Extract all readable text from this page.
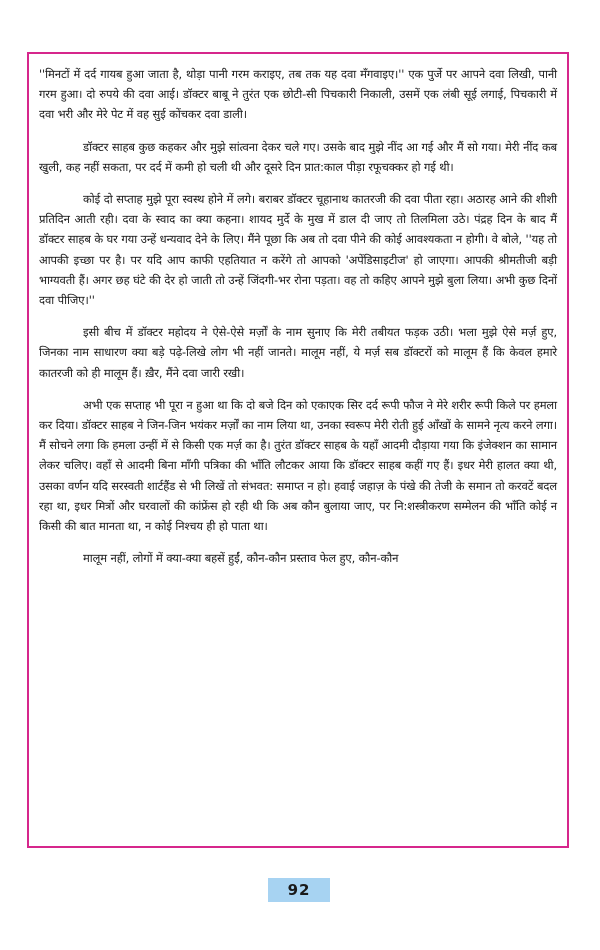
''मिनटों में दर्द गायब हुआ जाता है, थोड़ा पानी गरम कराइए, तब तक यह दवा मँगवाइए।'' एक पुर्जे पर आपने दवा लिखी, पानी गरम हुआ। दो रुपये की दवा आई। डॉक्टर बाबू ने तुरंत एक छोटी-सी पिचकारी निकाली, उसमें एक लंबी सूई लगाई, पिचकारी में दवा भरी और मेरे पेट में वह सुई कोंचकर दवा डाली।

डॉक्टर साहब कुछ कहकर और मुझे सांत्वना देकर चले गए। उसके बाद मुझे नींद आ गई और मैं सो गया। मेरी नींद कब खुली, कह नहीं सकता, पर दर्द में कमी हो चली थी और दूसरे दिन प्रात:काल पीड़ा रफूचक्कर हो गई थी।

कोई दो सप्ताह मुझे पूरा स्वस्थ होने में लगे। बराबर डॉक्टर चूहानाथ कातरजी की दवा पीता रहा। अठारह आने की शीशी प्रतिदिन आती रही। दवा के स्वाद का क्या कहना। शायद मुर्दे के मुख में डाल दी जाए तो तिलमिला उठे। पंद्रह दिन के बाद मैं डॉक्टर साहब के घर गया उन्हें धन्यवाद देने के लिए। मैंने पूछा कि अब तो दवा पीने की कोई आवश्यकता न होगी। वे बोले, ''यह तो आपकी इच्छा पर है। पर यदि आप काफी एहतियात न करेंगे तो आपको 'अपेंडिसाइटीज' हो जाएगा। आपकी श्रीमतीजी बड़ी भाग्यवती हैं। अगर छह घंटे की देर हो जाती तो उन्हें जिंदगी-भर रोना पड़ता। वह तो कहिए आपने मुझे बुला लिया। अभी कुछ दिनों दवा पीजिए।''

इसी बीच में डॉक्टर महोदय ने ऐसे-ऐसे मर्ज़ों के नाम सुनाए कि मेरी तबीयत फड़क उठी। भला मुझे ऐसे मर्ज़ हुए, जिनका नाम साधारण क्या बड़े पढ़े-लिखे लोग भी नहीं जानते। मालूम नहीं, ये मर्ज़ सब डॉक्टरों को मालूम हैं कि केवल हमारे कातरजी को ही मालूम हैं। ख़ैर, मैंने दवा जारी रखी।

अभी एक सप्ताह भी पूरा न हुआ था कि दो बजे दिन को एकाएक सिर दर्द रूपी फौज ने मेरे शरीर रूपी किले पर हमला कर दिया। डॉक्टर साहब ने जिन-जिन भयंकर मर्ज़ों का नाम लिया था, उनका स्वरूप मेरी रोती हुई आँखों के सामने नृत्य करने लगा। मैं सोचने लगा कि हमला उन्हीं में से किसी एक मर्ज़ का है। तुरंत डॉक्टर साहब के यहाँ आदमी दौड़ाया गया कि इंजेक्शन का सामान लेकर चलिए। वहाँ से आदमी बिना माँगी पत्रिका की भाँति लौटकर आया कि डॉक्टर साहब कहीं गए हैं। इधर मेरी हालत क्या थी, उसका वर्णन यदि सरस्वती शार्टहैंड से भी लिखें तो संभवत: समाप्त न हो। हवाई जहाज़ के पंखे की तेजी के समान तो करवटें बदल रहा था, इधर मित्रों और घरवालों की कांफ्रेंस हो रही थी कि अब कौन बुलाया जाए, पर नि:शस्त्रीकरण सम्मेलन की भाँति कोई न किसी की बात मानता था, न कोई निश्चय ही हो पाता था।

मालूम नहीं, लोगों में क्या-क्या बहसें हुईं, कौन-कौन प्रस्ताव फेल हुए, कौन-कौन

92
